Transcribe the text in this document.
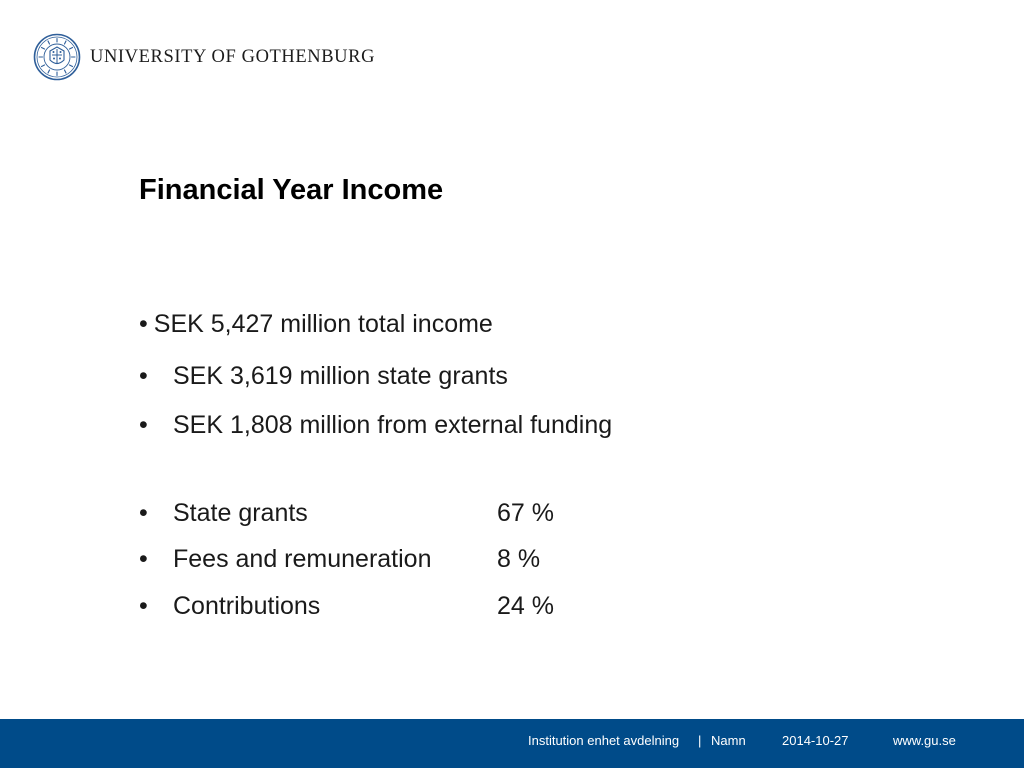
UNIVERSITY OF GOTHENBURG
Financial Year Income
• SEK 5,427 million total income
• SEK 3,619 million state grants
• SEK 1,808 million from external funding
• State grants	67 %
• Fees and remuneration	8 %
• Contributions	24 %
Institution enhet avdelning | Namn	2014-10-27	www.gu.se
